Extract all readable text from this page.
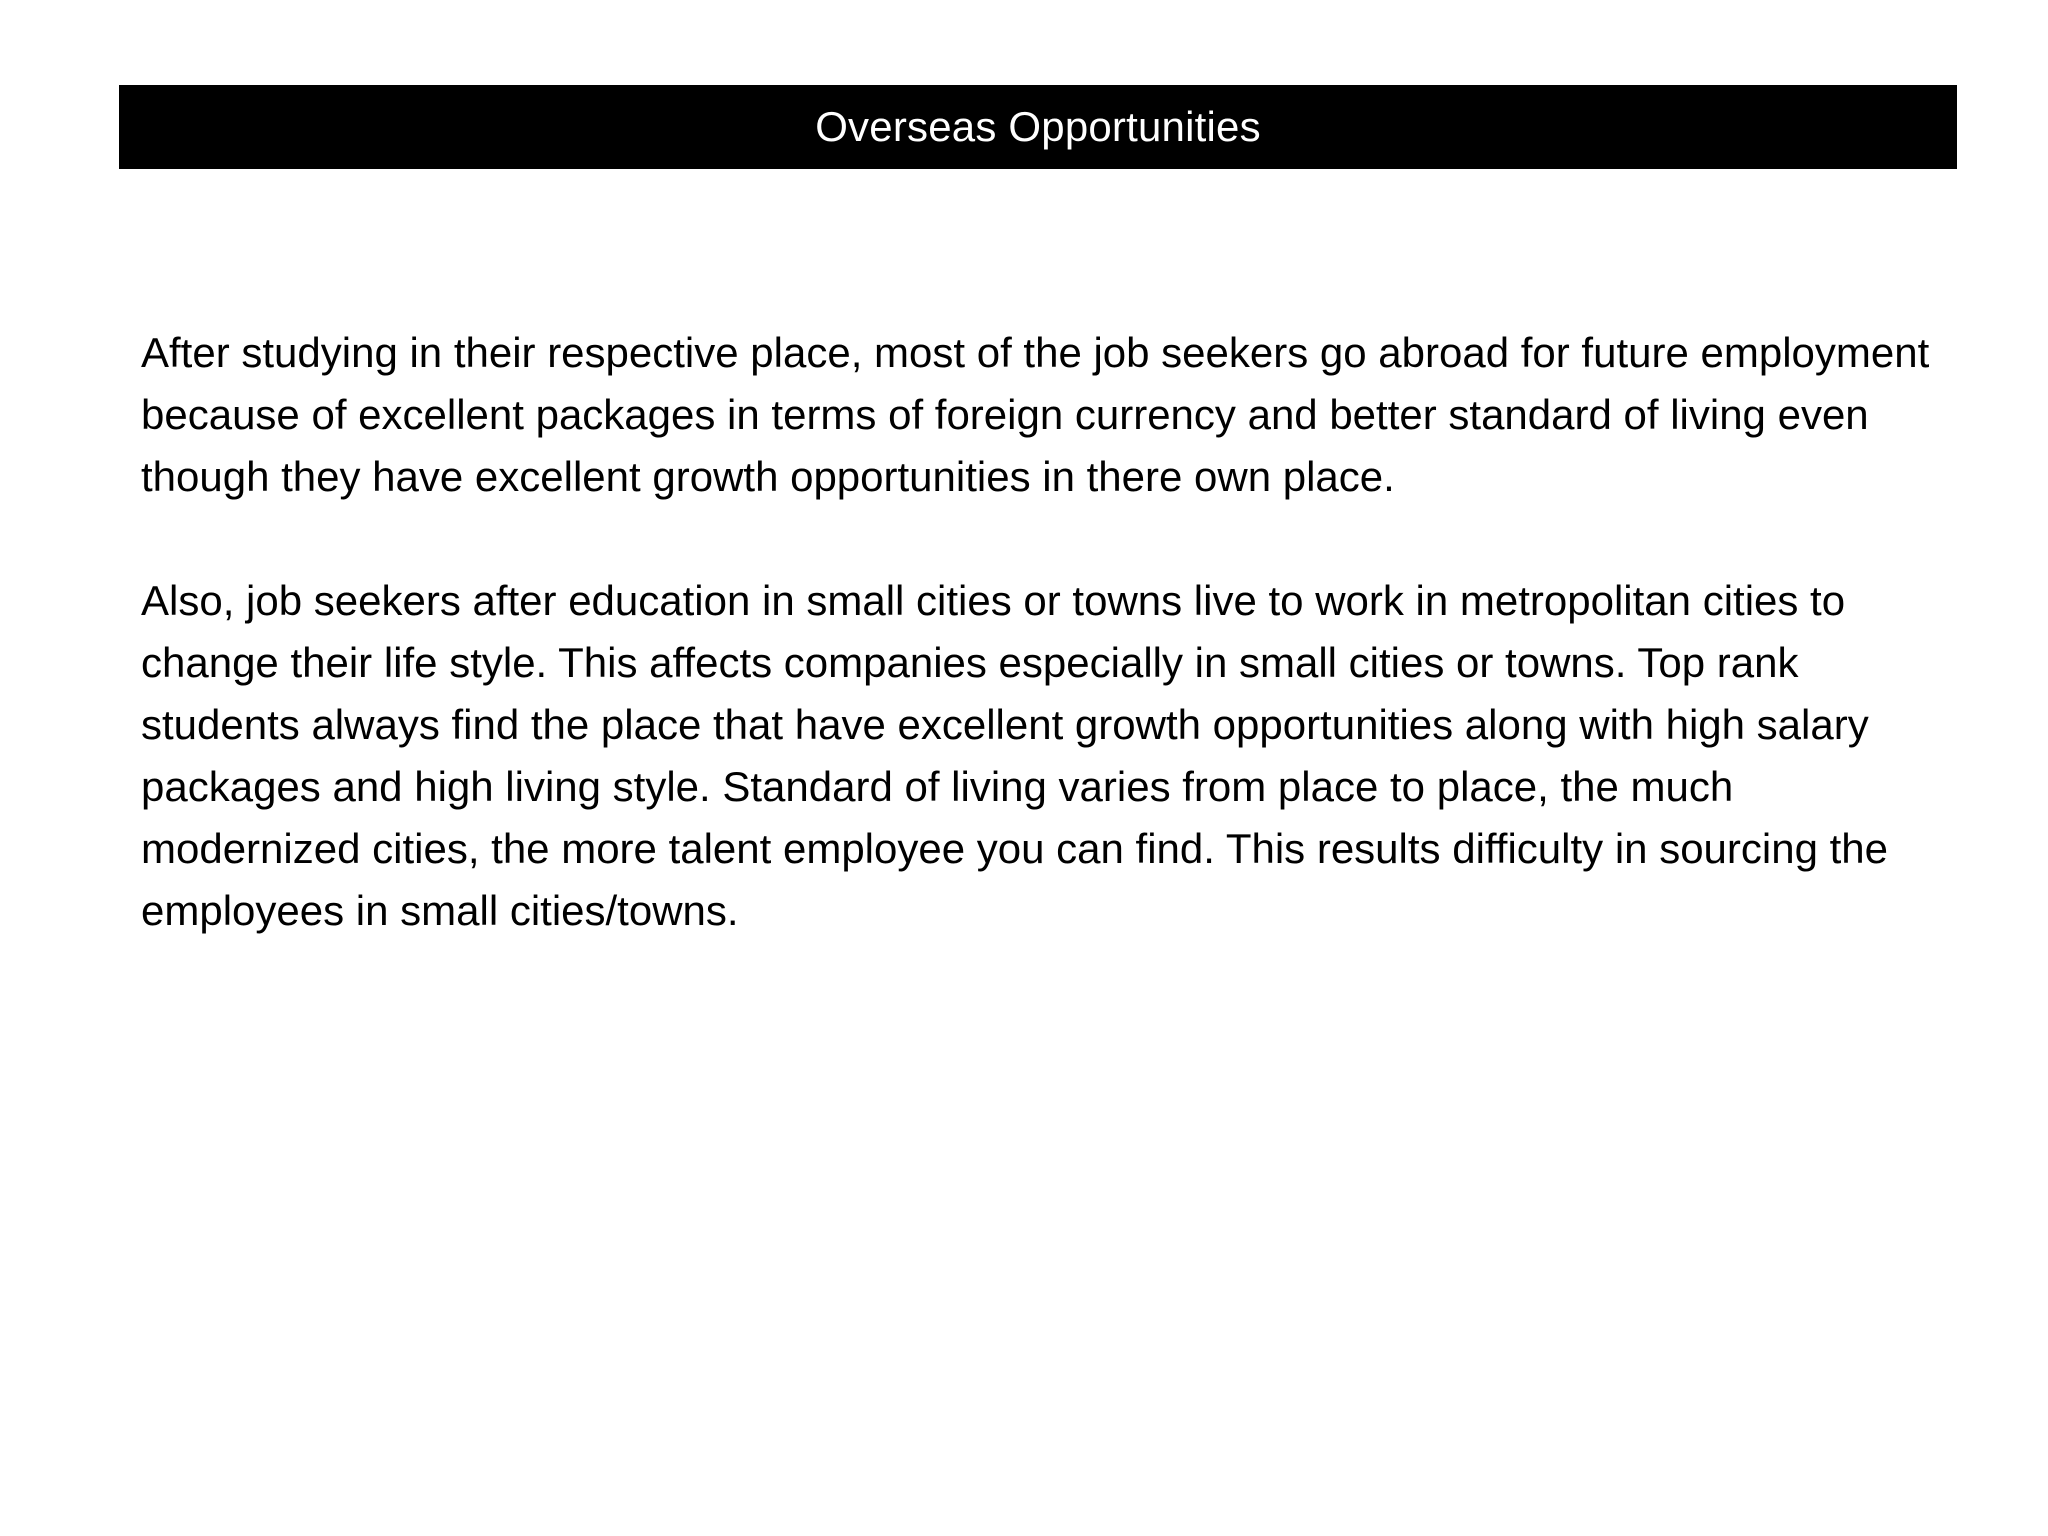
Overseas Opportunities

After studying in their respective place, most of the job seekers go abroad for future employment because of excellent packages in terms of foreign currency and better standard of living even though they have excellent growth opportunities in there own place.

Also, job seekers after education in small cities or towns live to work in metropolitan cities to change their life style. This affects companies especially in small cities or towns. Top rank students always find the place that have excellent growth opportunities along with high salary packages and high living style. Standard of living varies from place to place, the much modernized cities, the more talent employee you can find. This results difficulty in sourcing the employees in small cities/towns.
